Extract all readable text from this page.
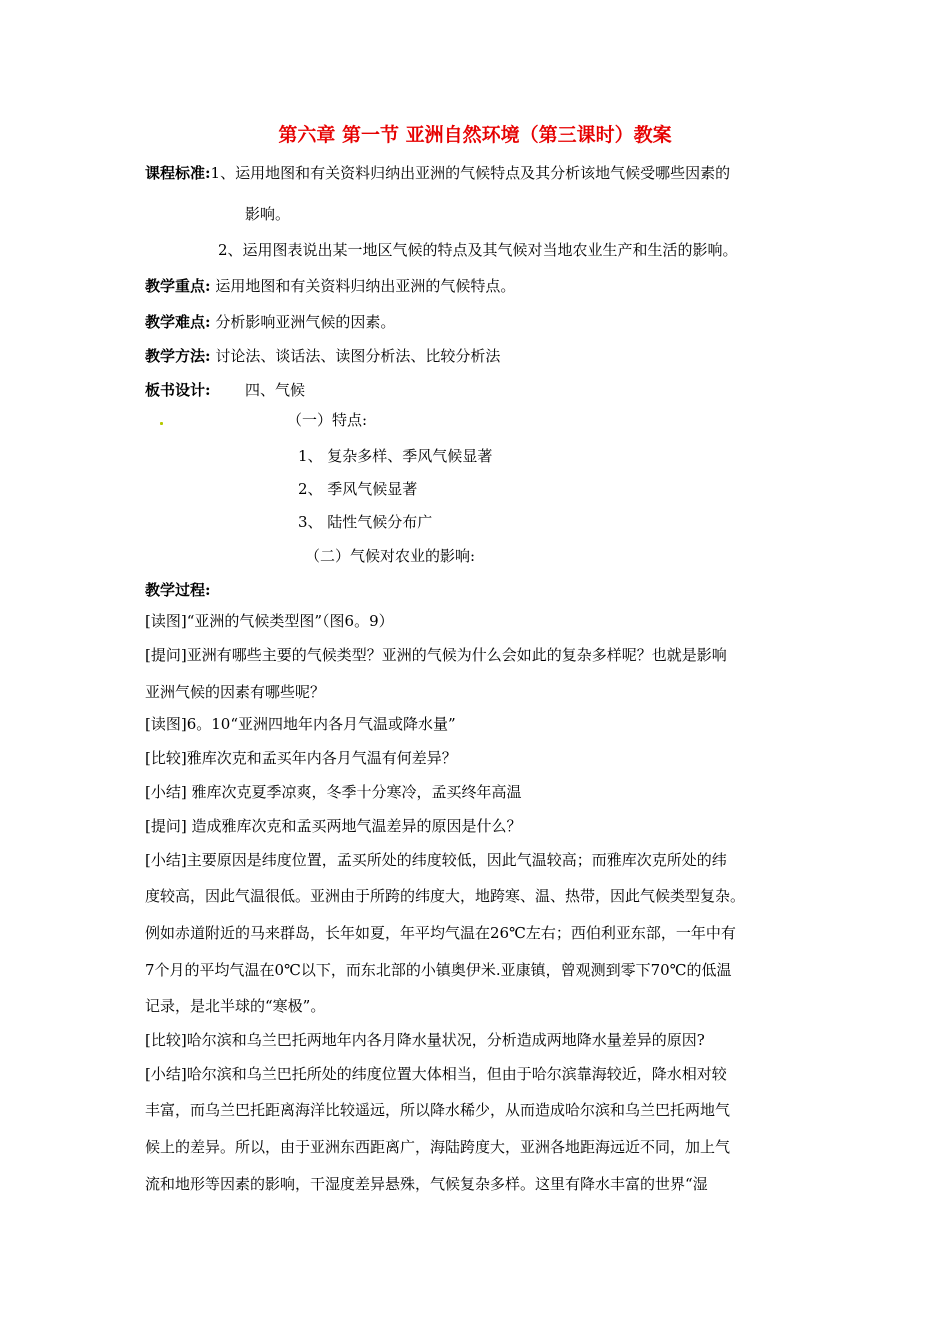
第六章 第一节 亚洲自然环境（第三课时）教案
课程标准:1、运用地图和有关资料归纳出亚洲的气候特点及其分析该地气候受哪些因素的
影响。
2、运用图表说出某一地区气候的特点及其气候对当地农业生产和生活的影响。
教学重点: 运用地图和有关资料归纳出亚洲的气候特点。
教学难点: 分析影响亚洲气候的因素。
教学方法: 讨论法、谈话法、读图分析法、比较分析法
板书设计: 四、气候
（一）特点:
1、 复杂多样、季风气候显著
2、 季风气候显著
3、 陆性气候分布广
（二）气候对农业的影响:
教学过程:
[读图]“亚洲的气候类型图”（图6。9）
[提问]亚洲有哪些主要的气候类型？亚洲的气候为什么会如此的复杂多样呢？也就是影响
亚洲气候的因素有哪些呢？
[读图]6。10“亚洲四地年内各月气温或降水量”
[比较]雅库次克和孟买年内各月气温有何差异？
[小结] 雅库次克夏季凉爽，冬季十分寒冷，孟买终年高温
[提问] 造成雅库次克和孟买两地气温差异的原因是什么？
[小结]主要原因是纬度位置，孟买所处的纬度较低，因此气温较高；而雅库次克所处的纬
度较高，因此气温很低。亚洲由于所跨的纬度大，地跨寒、温、热带，因此气候类型复杂。
例如赤道附近的马来群岛，长年如夏，年平均气温在26℃左右；西伯利亚东部，一年中有
7个月的平均气温在0℃以下，而东北部的小镇奥伊米.亚康镇，曾观测到零下70℃的低温
记录，是北半球的“寒极”。
[比较]哈尔滨和乌兰巴托两地年内各月降水量状况，分析造成两地降水量差异的原因?
[小结]哈尔滨和乌兰巴托所处的纬度位置大体相当，但由于哈尔滨靠海较近，降水相对较
丰富，而乌兰巴托距离海洋比较遥远，所以降水稀少，从而造成哈尔滨和乌兰巴托两地气
候上的差异。所以，由于亚洲东西距离广，海陆跨度大，亚洲各地距海远近不同，加上气
流和地形等因素的影响，干湿度差异悬殊，气候复杂多样。这里有降水丰富的世界“湿
